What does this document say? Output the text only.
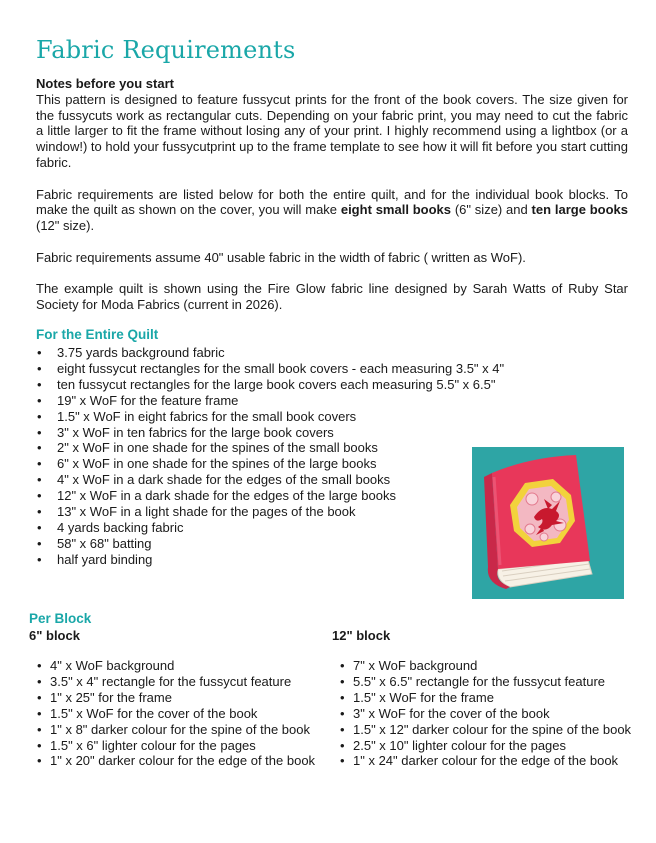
Fabric Requirements

Notes before you start
This pattern is designed to feature fussycut prints for the front of the book covers. The size given for the fussycuts work as rectangular cuts. Depending on your fabric print, you may need to cut the fabric a little larger to fit the frame without losing any of your print. I highly recommend using a lightbox (or a window!) to hold your fussycutprint up to the frame template to see how it will fit before you start cutting fabric.

Fabric requirements are listed below for both the entire quilt, and for the individual book blocks. To make the quilt as shown on the cover, you will make eight small books (6" size) and ten large books (12" size).

Fabric requirements assume 40" usable fabric in the width of fabric ( written as WoF).

The example quilt is shown using the Fire Glow fabric line designed by Sarah Watts of Ruby Star Society for Moda Fabrics (current in 2026).

For the Entire Quilt
• 3.75 yards background fabric
• eight fussycut rectangles for the small book covers - each measuring 3.5" x 4"
• ten fussycut rectangles for the large book covers each measuring 5.5" x 6.5"
• 19" x WoF for the feature frame
• 1.5" x WoF in eight fabrics for the small book covers
• 3" x WoF in ten fabrics for the large book covers
• 2" x WoF in one shade for the spines of the small books
• 6" x WoF in one shade for the spines of the large books
• 4" x WoF in a dark shade for the edges of the small books
• 12" x WoF in a dark shade for the edges of the large books
• 13" x WoF in a light shade for the pages of the book
• 4 yards backing fabric
• 58" x 68" batting
• half yard binding
Per Block
6" block	12" block
• 4" x WoF background
• 3.5" x 4" rectangle for the fussycut feature
• 1" x 25" for the frame
• 1.5" x WoF for the cover of the book
• 1" x 8" darker colour for the spine of the book
• 1.5" x 6" lighter colour for the pages
• 1" x 20" darker colour for the edge of the book
• 7" x WoF background
• 5.5" x 6.5" rectangle for the fussycut feature
• 1.5" x WoF for the frame
• 3" x WoF for the cover of the book
• 1.5" x 12" darker colour for the spine of the book
• 2.5" x 10" lighter colour for the pages
• 1" x 24" darker colour for the edge of the book
